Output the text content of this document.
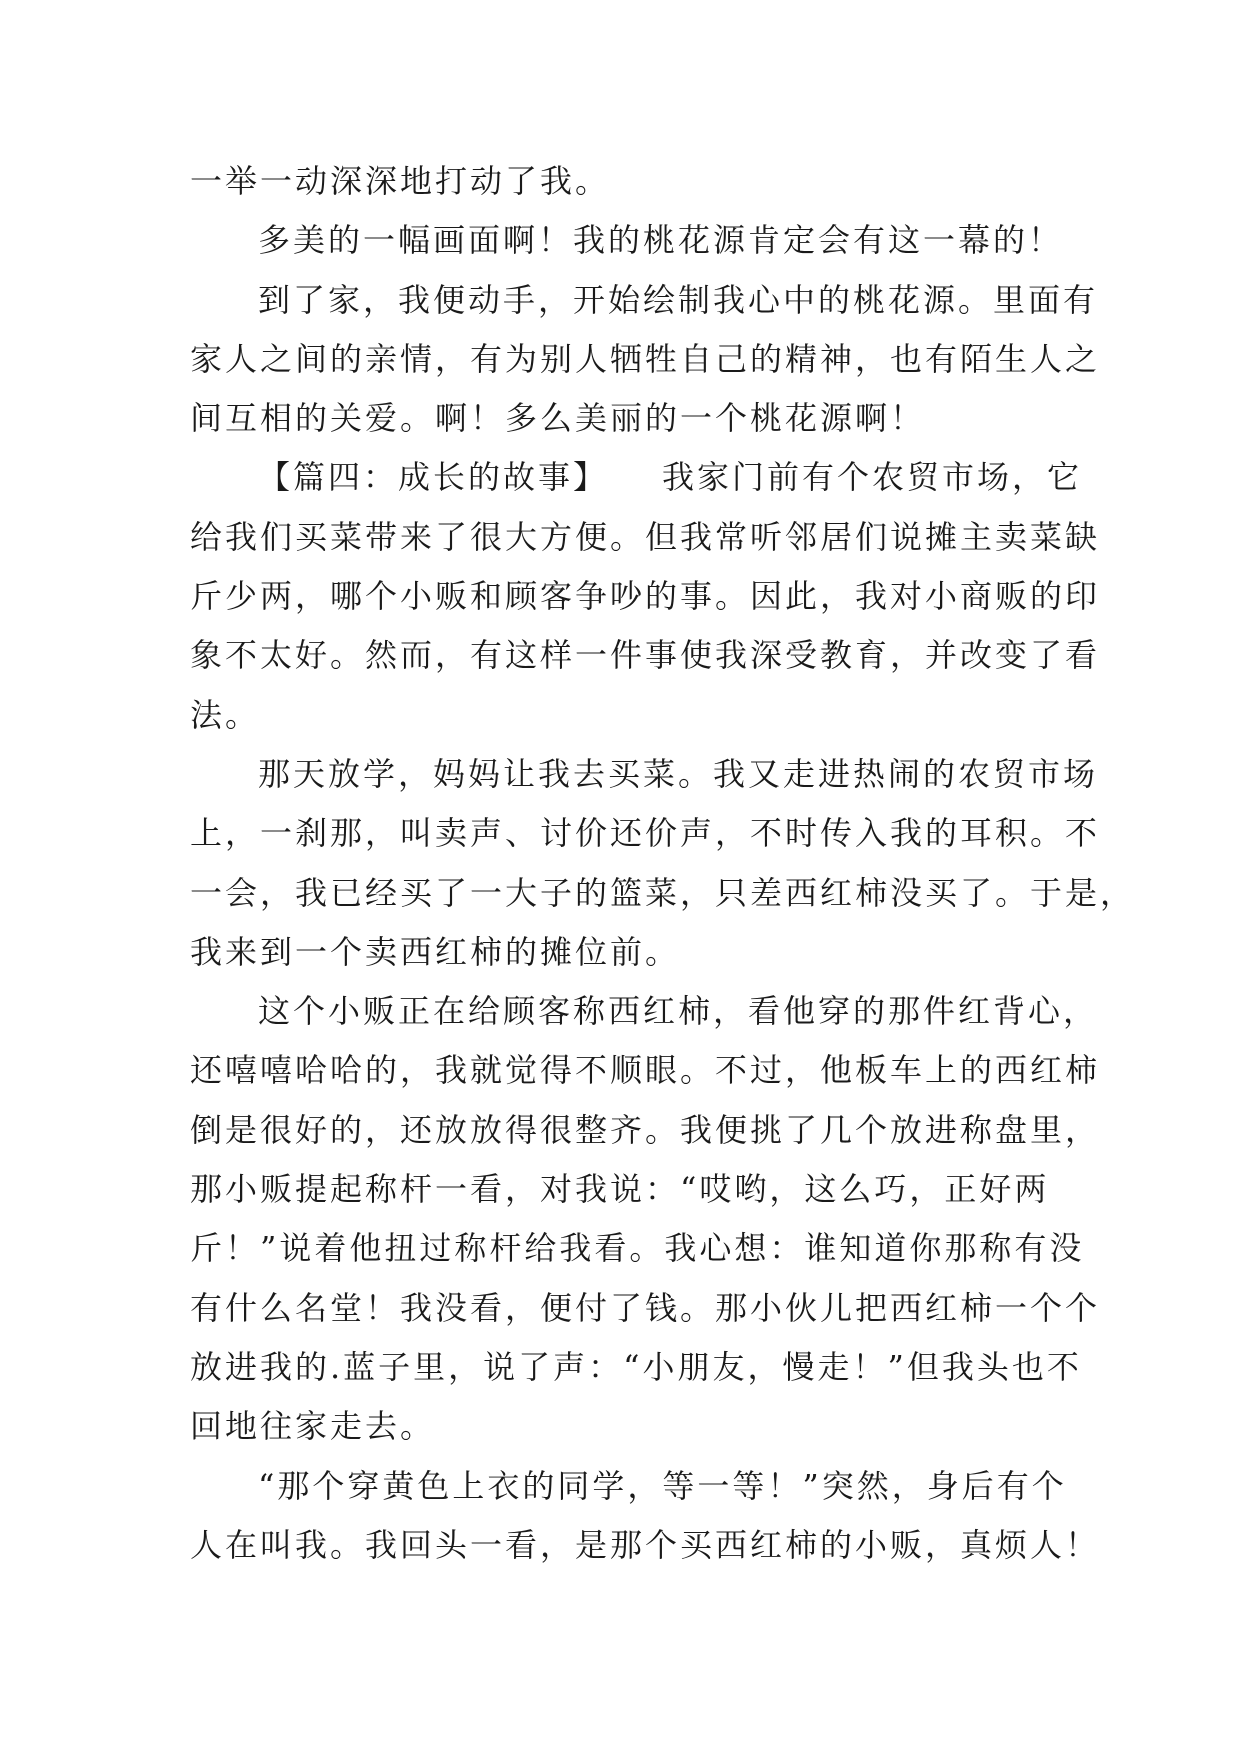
一举一动深深地打动了我。
多美的一幅画面啊！我的桃花源肯定会有这一幕的！
到了家，我便动手，开始绘制我心中的桃花源。里面有
家人之间的亲情，有为别人牺牲自己的精神，也有陌生人之
间互相的关爱。啊！多么美丽的一个桃花源啊！
【篇四：成长的故事】　　我家门前有个农贸市场，它
给我们买菜带来了很大方便。但我常听邻居们说摊主卖菜缺
斤少两，哪个小贩和顾客争吵的事。因此，我对小商贩的印
象不太好。然而，有这样一件事使我深受教育，并改变了看
法。
那天放学，妈妈让我去买菜。我又走进热闹的农贸市场
上，一刹那，叫卖声、讨价还价声，不时传入我的耳积。不
一会，我已经买了一大子的篮菜，只差西红柿没买了。于是，
我来到一个卖西红柿的摊位前。
这个小贩正在给顾客称西红柿，看他穿的那件红背心，
还嘻嘻哈哈的，我就觉得不顺眼。不过，他板车上的西红柿
倒是很好的，还放放得很整齐。我便挑了几个放进称盘里，
那小贩提起称杆一看，对我说：“哎哟，这么巧，正好两
斤！”说着他扭过称杆给我看。我心想：谁知道你那称有没
有什么名堂！我没看，便付了钱。那小伙儿把西红柿一个个
放进我的.蓝子里，说了声：“小朋友，慢走！”但我头也不
回地往家走去。
“那个穿黄色上衣的同学，等一等！”突然，身后有个
人在叫我。我回头一看，是那个买西红柿的小贩，真烦人！
